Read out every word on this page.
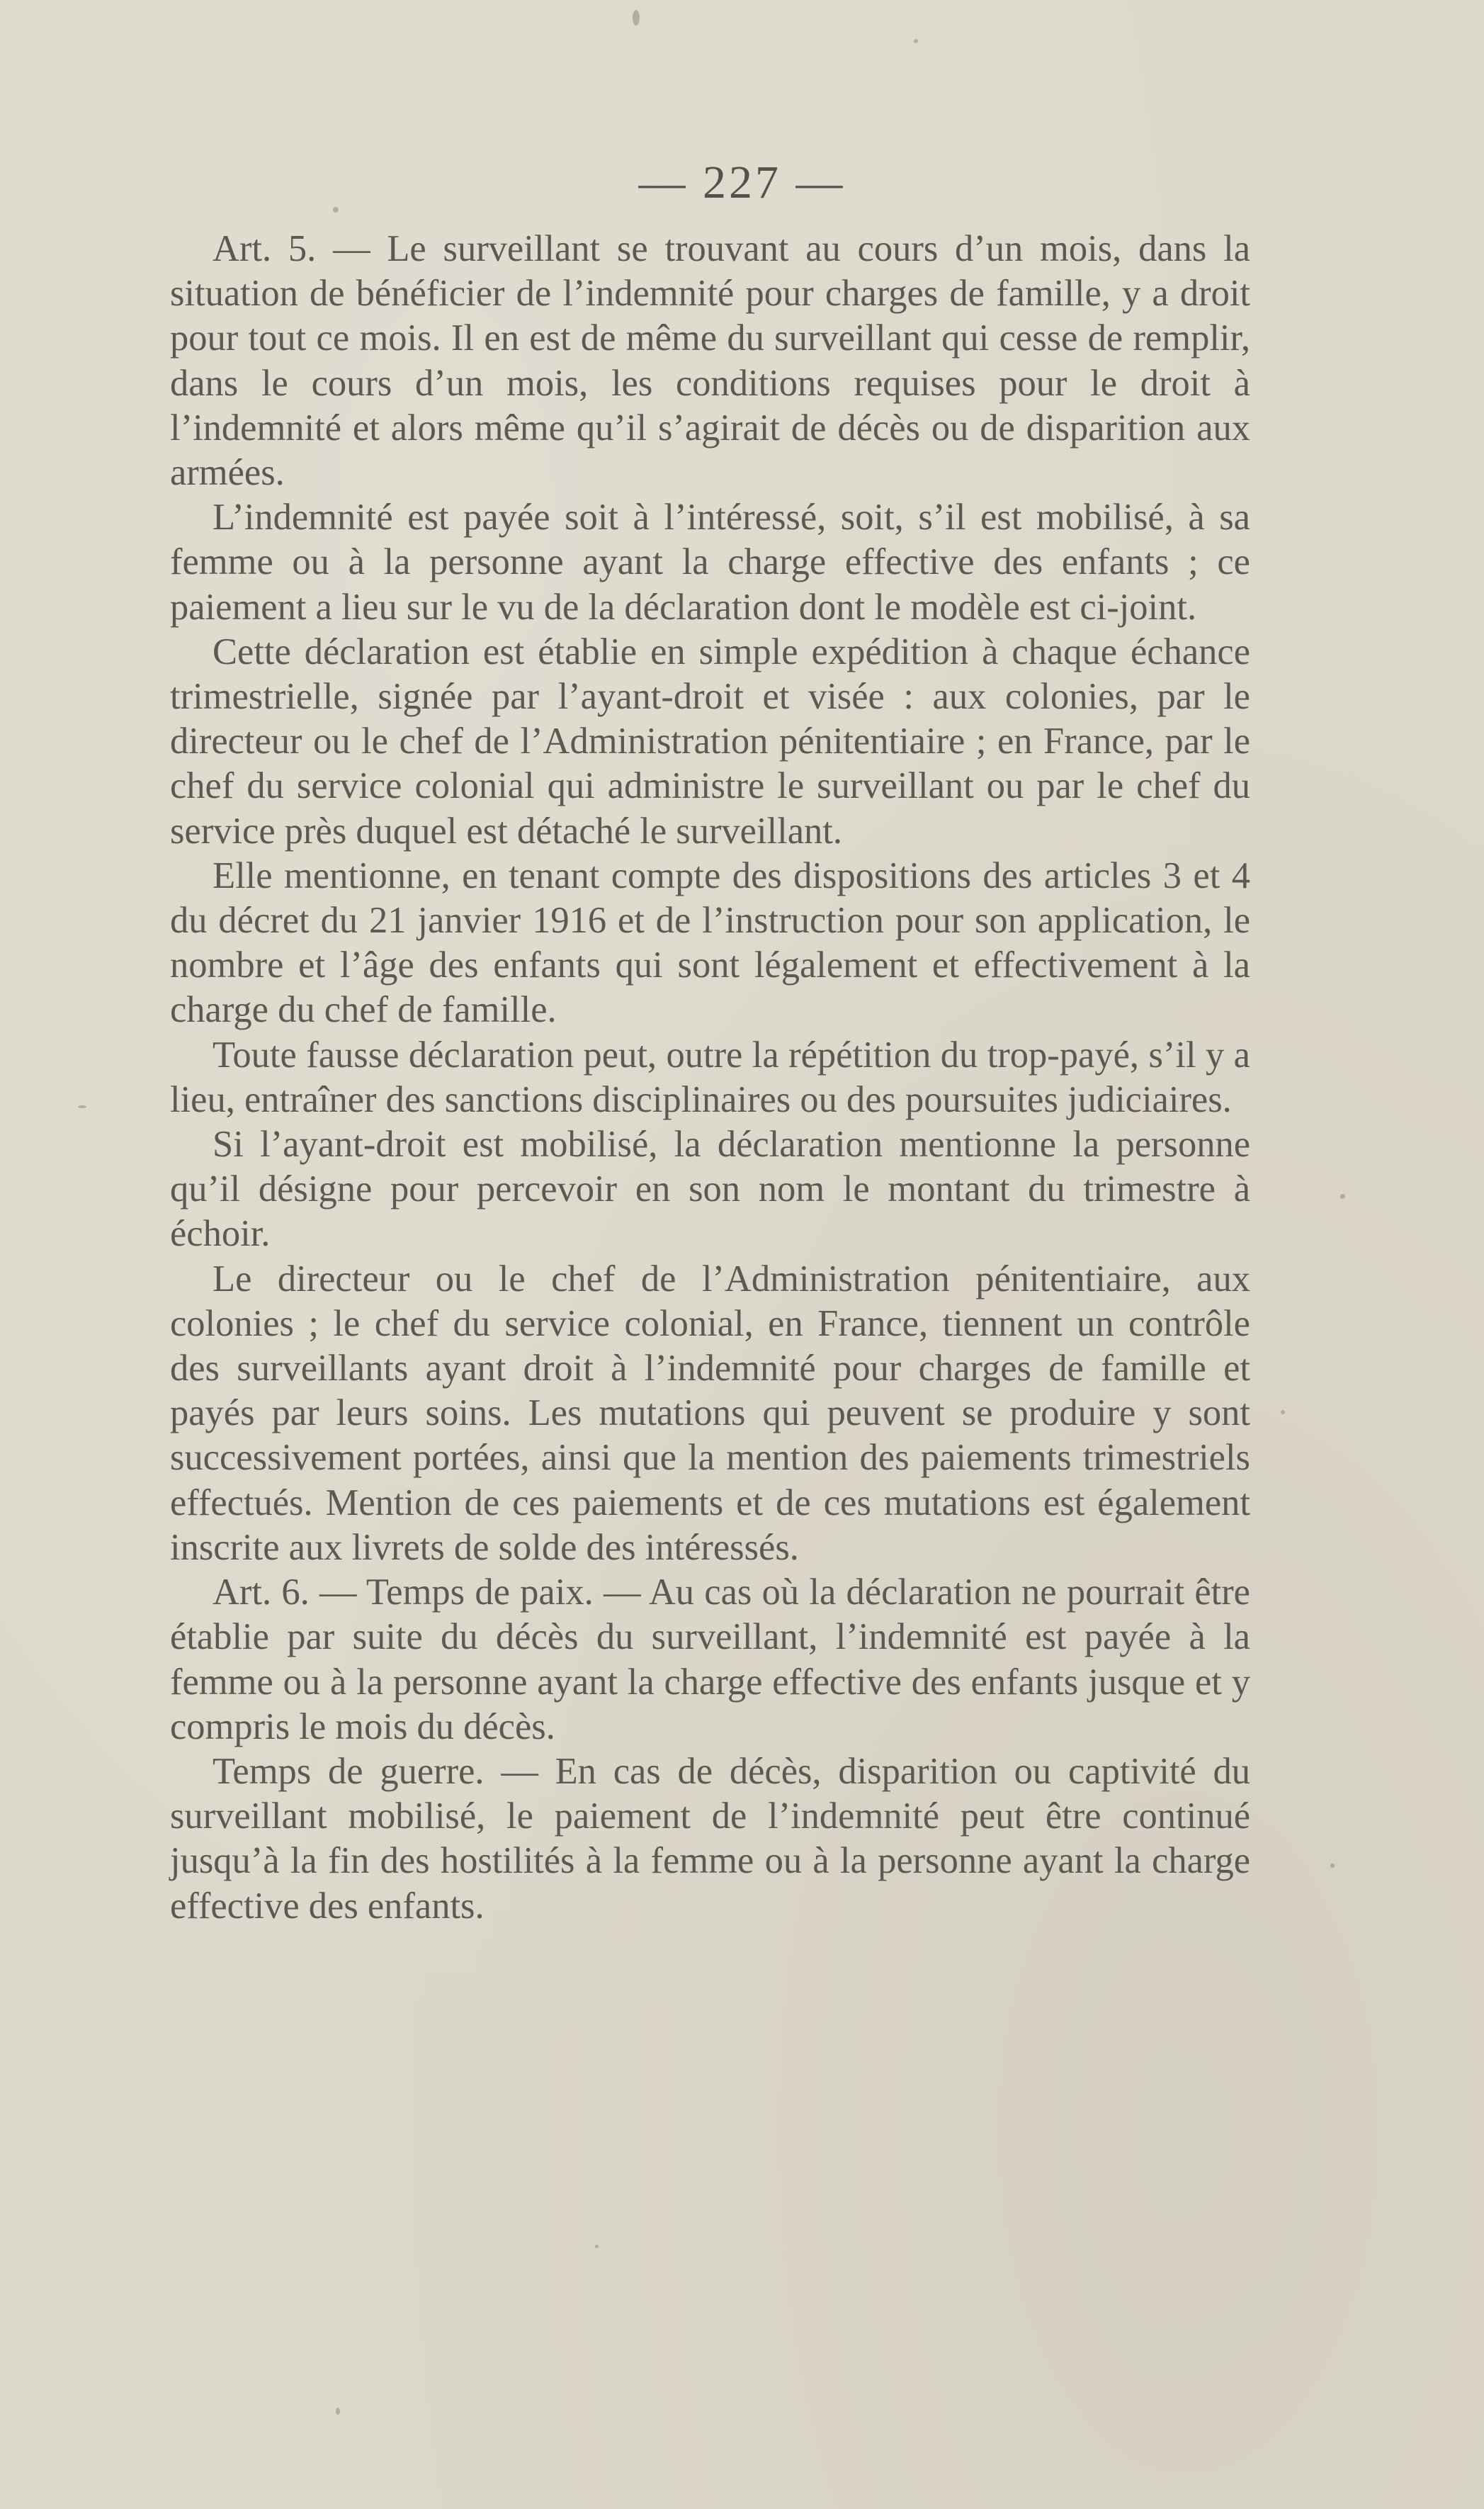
— 227 —

Art. 5. — Le surveillant se trouvant au cours d’un mois, dans la situation de bénéficier de l’indemnité pour charges de famille, y a droit pour tout ce mois. Il en est de même du surveillant qui cesse de remplir, dans le cours d’un mois, les conditions requises pour le droit à l’indemnité et alors même qu’il s’agirait de décès ou de disparition aux armées.

L’indemnité est payée soit à l’intéressé, soit, s’il est mobilisé, à sa femme ou à la personne ayant la charge effective des enfants ; ce paiement a lieu sur le vu de la déclaration dont le modèle est ci-joint.

Cette déclaration est établie en simple expédition à chaque échance trimestrielle, signée par l’ayant-droit et visée : aux colonies, par le directeur ou le chef de l’Administration pénitentiaire ; en France, par le chef du service colonial qui administre le surveillant ou par le chef du service près duquel est détaché le surveillant.

Elle mentionne, en tenant compte des dispositions des articles 3 et 4 du décret du 21 janvier 1916 et de l’instruction pour son application, le nombre et l’âge des enfants qui sont légalement et effectivement à la charge du chef de famille.

Toute fausse déclaration peut, outre la répétition du trop-payé, s’il y a lieu, entraîner des sanctions disciplinaires ou des poursuites judiciaires.

Si l’ayant-droit est mobilisé, la déclaration mentionne la personne qu’il désigne pour percevoir en son nom le montant du trimestre à échoir.

Le directeur ou le chef de l’Administration pénitentiaire, aux colonies ; le chef du service colonial, en France, tiennent un contrôle des surveillants ayant droit à l’indemnité pour charges de famille et payés par leurs soins. Les mutations qui peuvent se produire y sont successivement portées, ainsi que la mention des paiements trimestriels effectués. Mention de ces paiements et de ces mutations est également inscrite aux livrets de solde des intéressés.

Art. 6. — Temps de paix. — Au cas où la déclaration ne pourrait être établie par suite du décès du surveillant, l’indemnité est payée à la femme ou à la personne ayant la charge effective des enfants jusque et y compris le mois du décès.

Temps de guerre. — En cas de décès, disparition ou captivité du surveillant mobilisé, le paiement de l’indemnité peut être continué jusqu’à la fin des hostilités à la femme ou à la personne ayant la charge effective des enfants.
